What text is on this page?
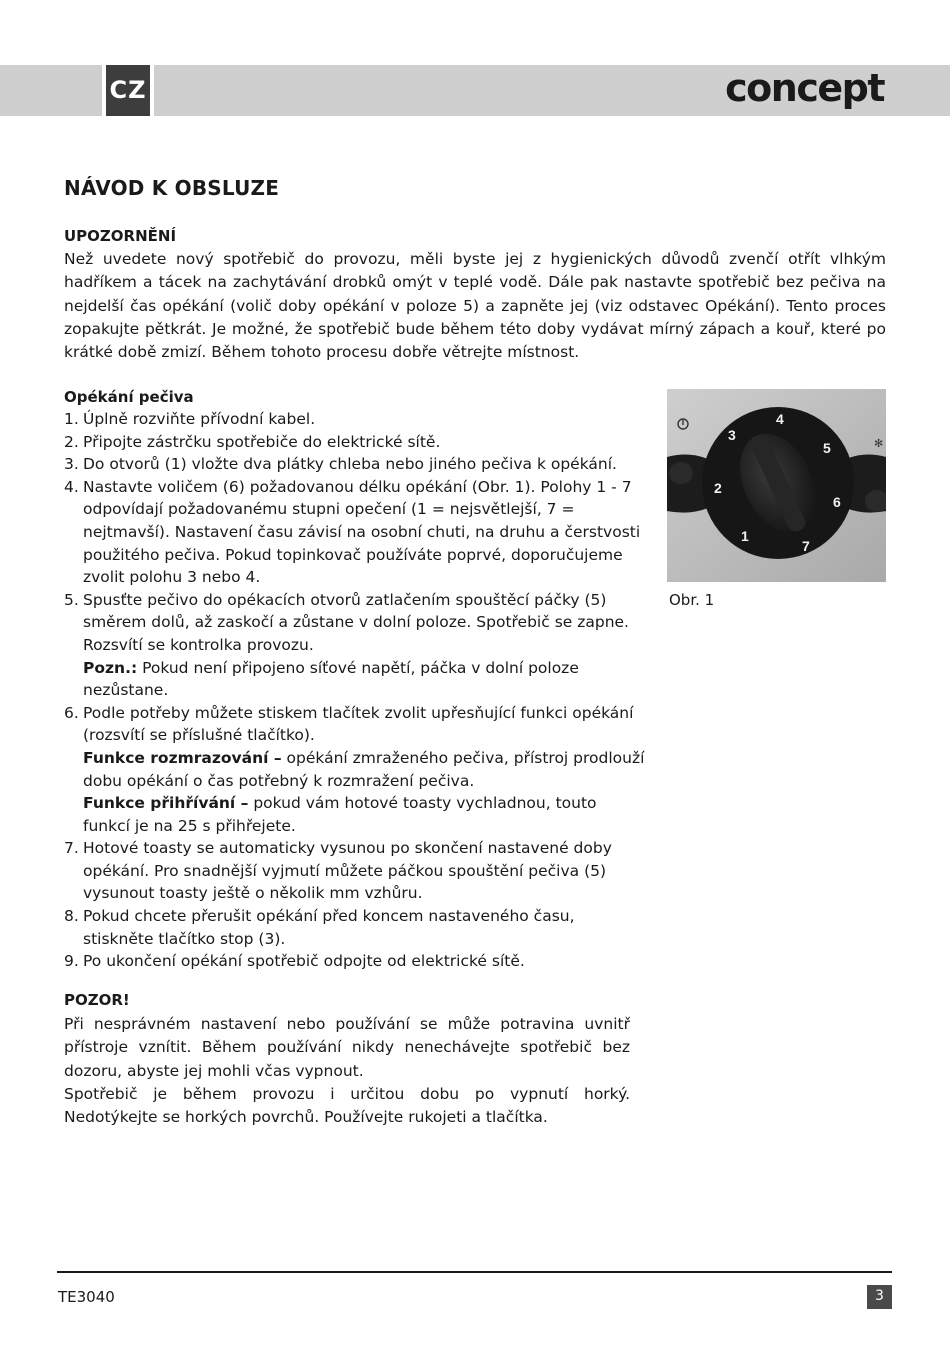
CZ	concept
NÁVOD K OBSLUZE
UPOZORNĚNÍ

Než uvedete nový spotřebič do provozu, měli byste jej z hygienických důvodů zvenčí otřít vlhkým hadříkem a tácek na zachytávání drobků omýt v teplé vodě. Dále pak nastavte spotřebič bez pečiva na nejdelší čas opékání (volič doby opékání v poloze 5) a zapněte jej (viz odstavec Opékání). Tento proces zopakujte pětkrát. Je možné, že spotřebič bude během této doby vydávat mírný zápach a kouř, které po krátké době zmizí. Během tohoto procesu dobře větrejte místnost.

Opékání pečiva
1. Úplně rozviňte přívodní kabel.

2. Připojte zástrčku spotřebiče do elektrické sítě.

3. Do otvorů (1) vložte dva plátky chleba nebo jiného pečiva k opékání.

4. Nastavte voličem (6) požadovanou délku opékání (Obr. 1). Polohy 1 - 7 odpovídají požadovanému stupni opečení (1 = nejsvětlejší, 7 = nejtmavší). Nastavení času závisí na osobní chuti, na druhu a čerstvosti použitého pečiva. Pokud topinkovač používáte poprvé, doporučujeme zvolit polohu 3 nebo 4.

5. Spusťte pečivo do opékacích otvorů zatlačením spouštěcí páčky (5) směrem dolů, až zaskočí a zůstane v dolní poloze. Spotřebič se zapne. Rozsvítí se kontrolka provozu.

Pozn.: Pokud není připojeno síťové napětí, páčka v dolní poloze nezůstane.

6. Podle potřeby můžete stiskem tlačítek zvolit upřesňující funkci opékání (rozsvítí se příslušné tlačítko).

Funkce rozmrazování – opékání zmraženého pečiva, přístroj prodlouží dobu opékání o čas potřebný k rozmražení pečiva.

Funkce přihřívání – pokud vám hotové toasty vychladnou, touto funkcí je na 25 s přihřejete.

7. Hotové toasty se automaticky vysunou po skončení nastavené doby opékání. Pro snadnější vyjmutí můžete páčkou spouštění pečiva (5) vysunout toasty ještě o několik mm vzhůru.

8. Pokud chcete přerušit opékání před koncem nastaveného času, stiskněte tlačítko stop (3).

9. Po ukončení opékání spotřebič odpojte od elektrické sítě.

1
2
3
4
5
6
7
✻
Obr. 1
POZOR!

Při nesprávném nastavení nebo používání se může potravina uvnitř přístroje vznítit. Během používání nikdy nenechávejte spotřebič bez dozoru, abyste jej mohli včas vypnout.

Spotřebič je během provozu i určitou dobu po vypnutí horký. Nedotýkejte se horkých povrchů. Používejte rukojeti a tlačítka.

TE3040	3
